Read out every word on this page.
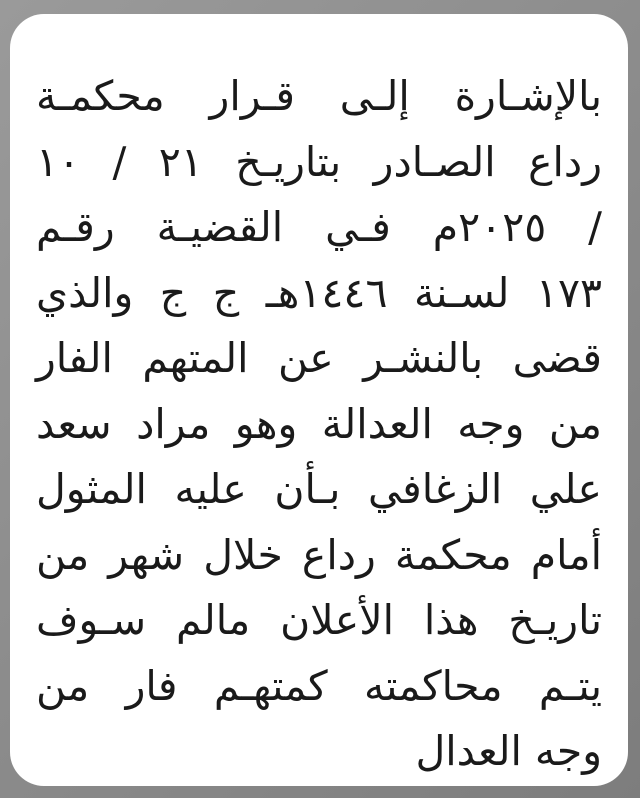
بالإشـارة إلـى قـرار محكمـة
رداع الصـادر بتاريـخ ٢١ / ١٠
/ ٢٠٢٥م فـي القضيـة رقـم
١٧٣ لسـنة ١٤٤٦هـ ج ج والذي
قضى بالنشـر عن المتهم الفار
من وجه العدالة وهو مراد سعد
علي الزغافي بـأن عليه المثول
أمام محكمة رداع خلال شهر من
تاريـخ هذا الأعلان مالم سـوف
يتـم محاكمته كمتهـم فار من
وجه العدال
